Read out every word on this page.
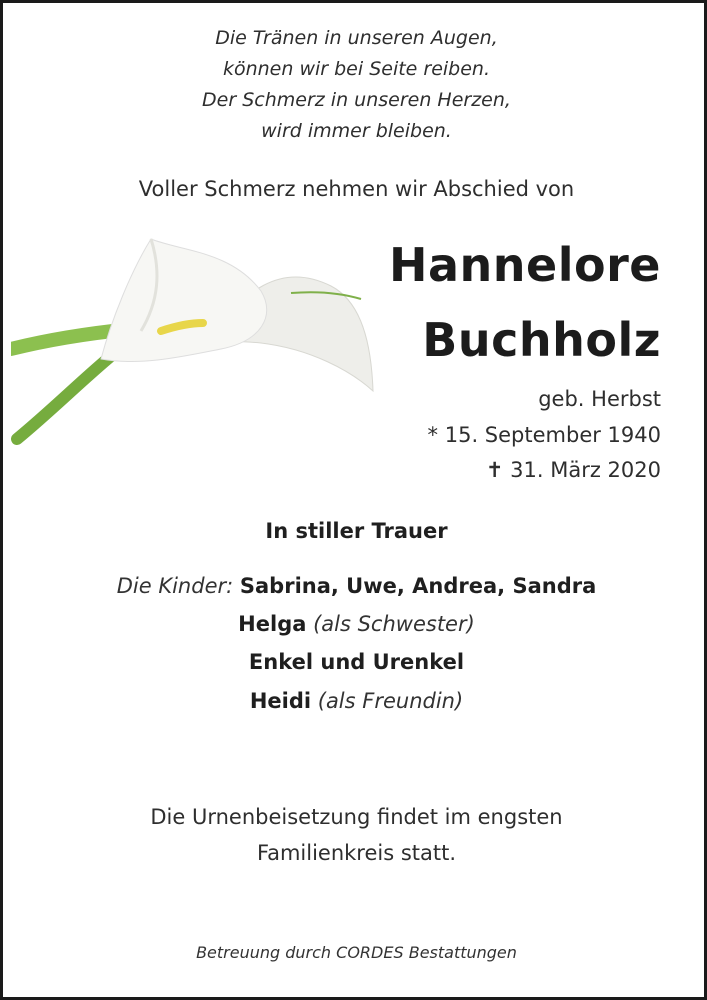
Die Tränen in unseren Augen,
können wir bei Seite reiben.
Der Schmerz in unseren Herzen,
wird immer bleiben.
Voller Schmerz nehmen wir Abschied von
Hannelore
Buchholz
geb. Herbst
* 15. September 1940
✝ 31. März 2020
In stiller Trauer
Die Kinder: Sabrina, Uwe, Andrea, Sandra
Helga (als Schwester)
Enkel und Urenkel
Heidi (als Freundin)
Die Urnenbeisetzung findet im engsten
Familienkreis statt.
Betreuung durch CORDES Bestattungen
